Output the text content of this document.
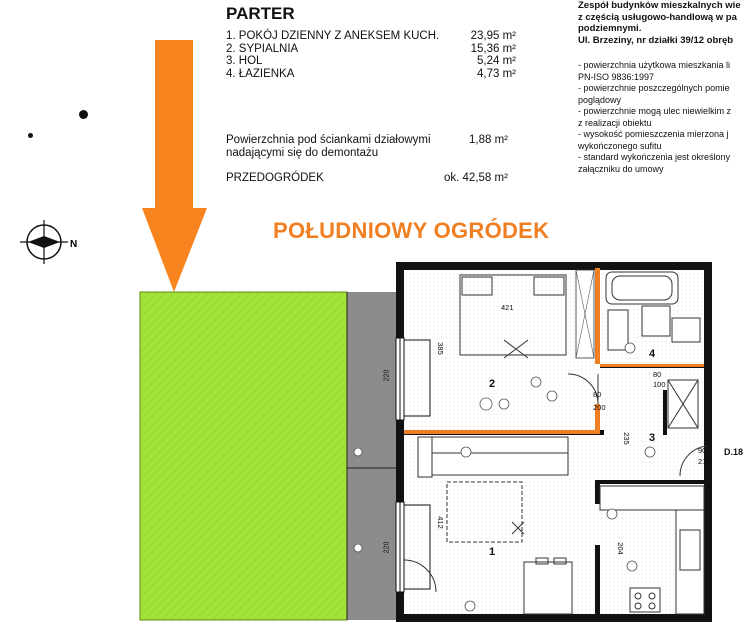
PARTER
1. POKÓJ DZIENNY Z ANEKSEM KUCH.	23,95 m²
2. SYPIALNIA	15,36 m²
3. HOL	5,24 m²
4. ŁAZIENKA	4,73 m²
Powierzchnia pod ściankami działowymi
nadającymi się do demontażu
1,88 m²
PRZEDOGRÓDEK	ok. 42,58 m²
Zespół budynków mieszkalnych wie
z częścią usługowo-handlową w pa
podziemnymi.
Ul. Brzeziny, nr działki 39/12 obręb
- powierzchnia użytkowa mieszkania li
PN-ISO 9836:1997
- powierzchnie poszczególnych pomie
poglądowy
- powierzchnie mogą ulec niewielkim z
z realizacji obiektu
- wysokość pomieszczenia mierzona j
wykończonego sufitu
- standard wykończenia jest określony
załączniku do umowy
POŁUDNIOWY OGRÓDEK
N
2
1
3
4
421
385
412
235
204
80
200
80
100
90
210
D.18
220
220
